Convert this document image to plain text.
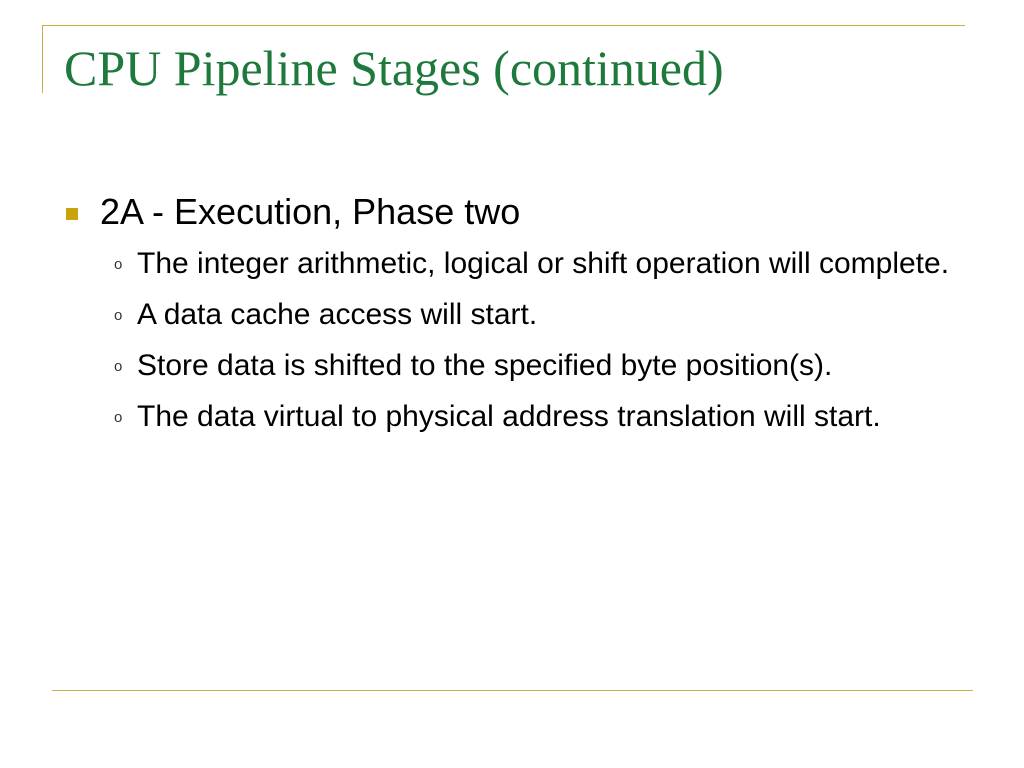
CPU Pipeline Stages (continued)
2A - Execution, Phase two
o The integer arithmetic, logical or shift operation will complete.
o A data cache access will start.
o Store data is shifted to the specified byte position(s).
o The data virtual to physical address translation will start.
